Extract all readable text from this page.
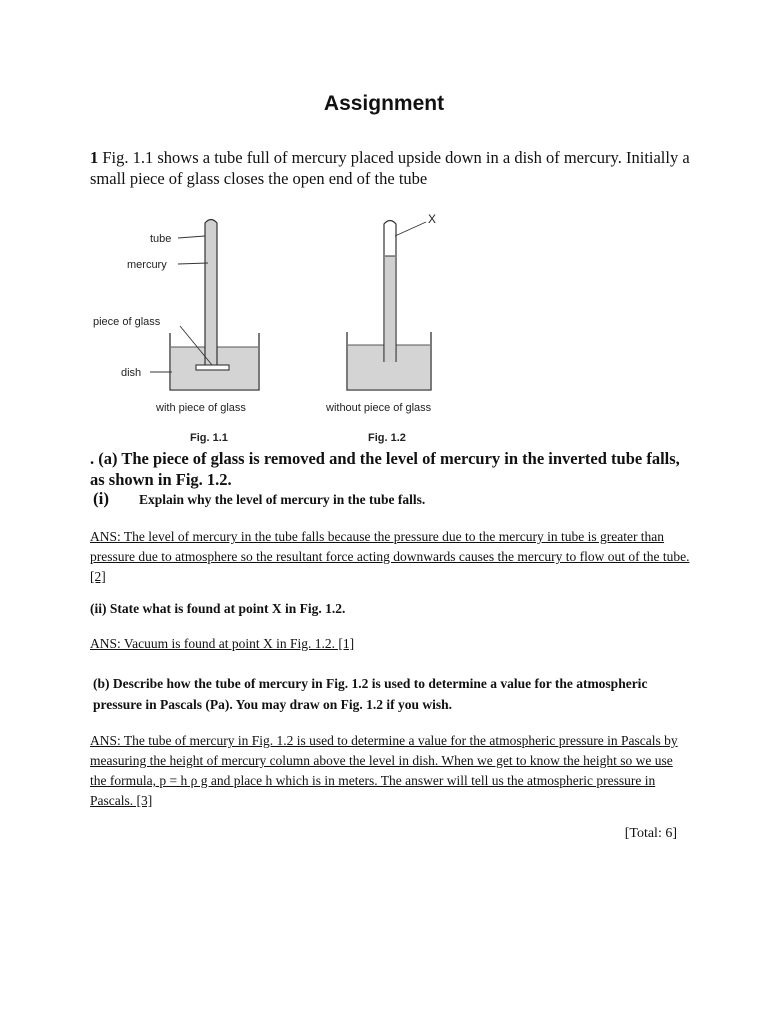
Assignment
1 Fig. 1.1 shows a tube full of mercury placed upside down in a dish of mercury. Initially a small piece of glass closes the open end of the tube
tube
mercury
piece of glass
dish
with piece of glass
Fig. 1.1
X
without piece of glass
Fig. 1.2
. (a) The piece of glass is removed and the level of mercury in the inverted tube falls, as shown in Fig. 1.2.
(i) Explain why the level of mercury in the tube falls.
ANS: The level of mercury in the tube falls because the pressure due to the mercury in tube is greater than pressure due to atmosphere so the resultant force acting downwards causes the mercury to flow out of the tube. [2]
(ii) State what is found at point X in Fig. 1.2.
ANS: Vacuum is found at point X in Fig. 1.2. [1]
(b) Describe how the tube of mercury in Fig. 1.2 is used to determine a value for the atmospheric pressure in Pascals (Pa). You may draw on Fig. 1.2 if you wish.
ANS: The tube of mercury in Fig. 1.2 is used to determine a value for the atmospheric pressure in Pascals by measuring the height of mercury column above the level in dish. When we get to know the height so we use the formula, p = h ρ g and place h which is in meters. The answer will tell us the atmospheric pressure in Pascals. [3]
[Total: 6]
